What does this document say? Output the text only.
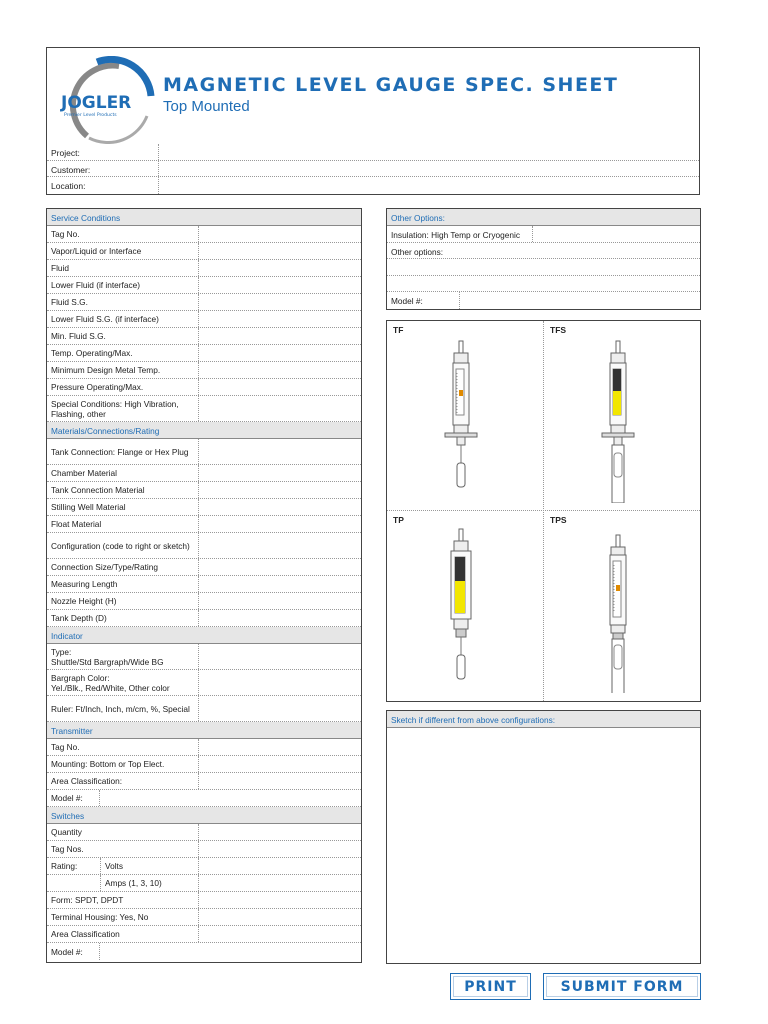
JOGLER
Premier Level Products
MAGNETIC LEVEL GAUGE SPEC. SHEET
Top Mounted
Project:
Customer:
Location:
Service Conditions
Tag No.
Vapor/Liquid or Interface
Fluid
Lower Fluid (if interface)
Fluid S.G.
Lower Fluid S.G. (if interface)
Min. Fluid S.G.
Temp. Operating/Max.
Minimum Design Metal Temp.
Pressure Operating/Max.
Special Conditions: High Vibration, Flashing, other
Materials/Connections/Rating
Tank Connection: Flange or Hex Plug
Chamber Material
Tank Connection Material
Stilling Well Material
Float Material
Configuration (code to right or sketch)
Connection Size/Type/Rating
Measuring Length
Nozzle Height (H)
Tank Depth (D)
Indicator
Type:
Shuttle/Std Bargraph/Wide BG
Bargraph Color:
Yel./Blk., Red/White, Other color
Ruler: Ft/Inch, Inch, m/cm, %, Special
Transmitter
Tag No.
Mounting: Bottom or Top Elect.
Area Classification:
Model #:
Switches
Quantity
Tag Nos.
Rating:	Volts
Amps (1, 3, 10)
Form: SPDT, DPDT
Terminal Housing: Yes, No
Area Classification
Model #:
Other Options:
Insulation: High Temp or Cryogenic
Other options:
Model #:
TF	TFS
TP	TPS
Sketch if different from above configurations:
PRINT	SUBMIT FORM
